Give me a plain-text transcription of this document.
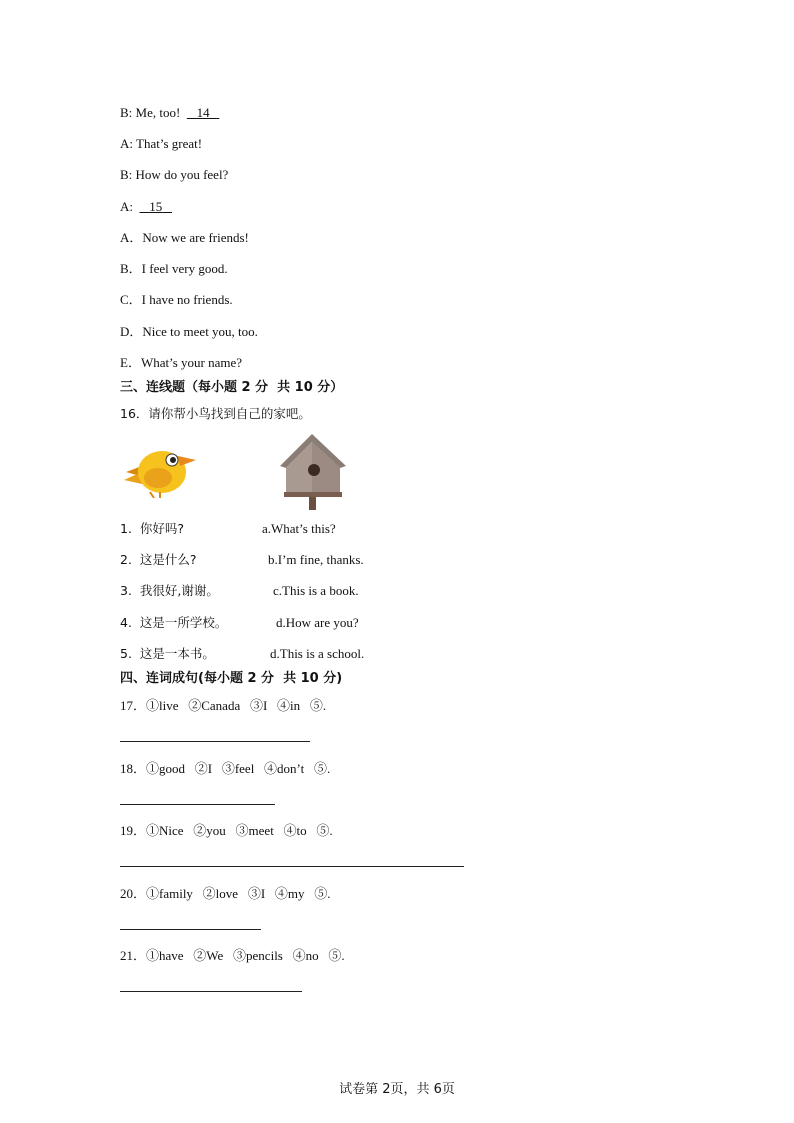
B: Me, too! 14
A: That’s great!
B: How do you feel?
A: 15
A．Now we are friends!
B．I feel very good.
C．I have no friends.
D．Nice to meet you, too.
E．What’s your name?
三、连线题（每小题 2 分  共 10 分）
16．请你帮小鸟找到自己的家吧。
1.  你好吗?	a.What’s this?
2.  这是什么?	b.I’m fine, thanks.
3.  我很好,谢谢。	c.This is a book.
4.  这是一所学校。	d.How are you?
5.  这是一本书。	d.This is a school.
四、连词成句(每小题 2 分  共 10 分)
17．①live   ②Canada   ③I   ④in   ⑤.
18．①good   ②I   ③feel   ④don’t   ⑤.
19．①Nice   ②you   ③meet   ④to   ⑤.
20．①family   ②love   ③I   ④my   ⑤.
21．①have   ②We   ③pencils   ④no   ⑤.
试卷第 2页，共 6页
